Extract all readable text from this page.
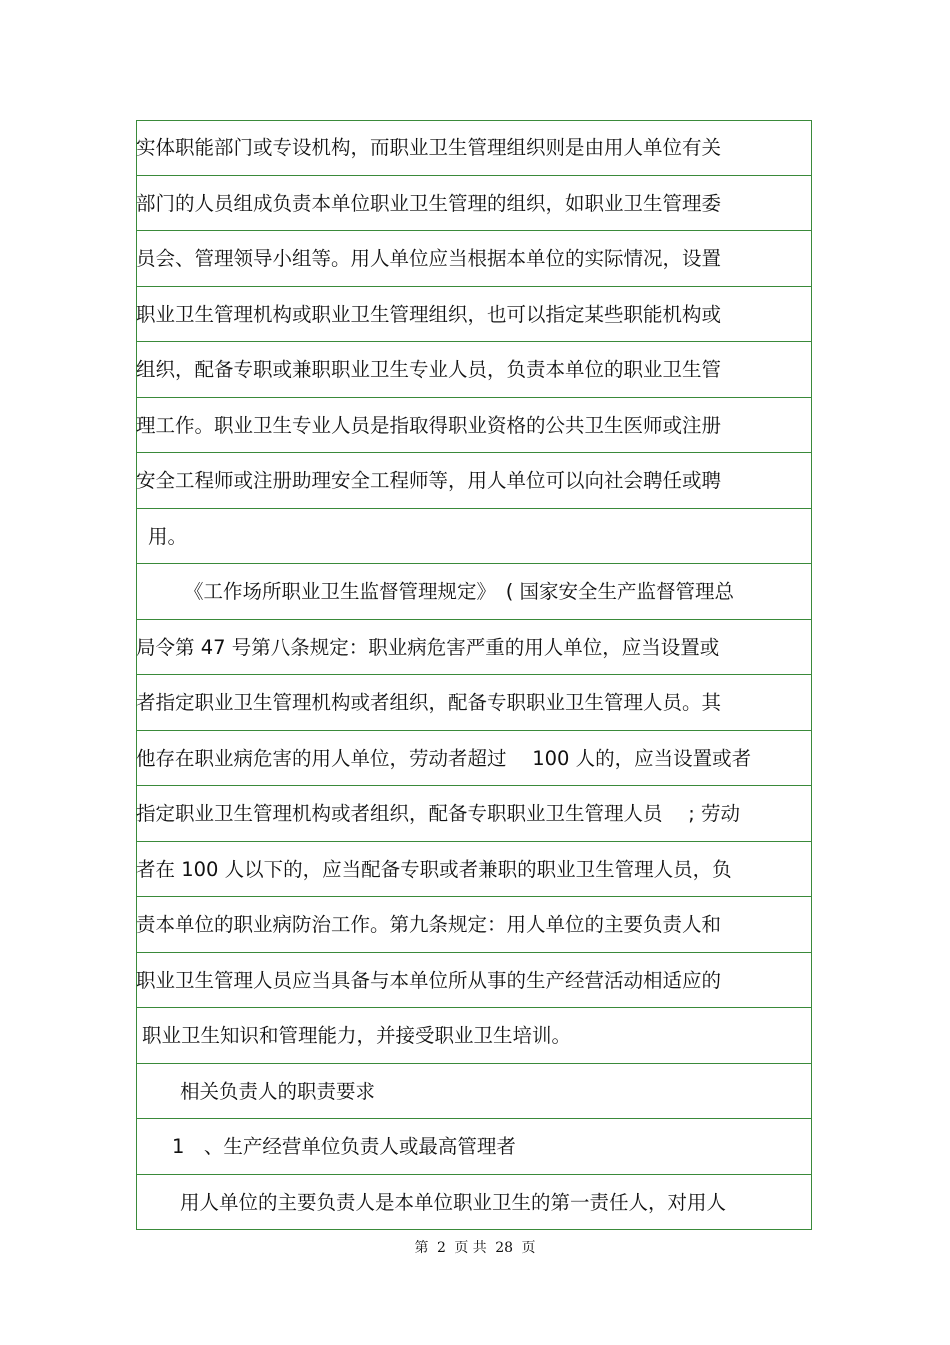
实体职能部门或专设机构，而职业卫生管理组织则是由用人单位有关
部门的人员组成负责本单位职业卫生管理的组织，如职业卫生管理委
员会、管理领导小组等。用人单位应当根据本单位的实际情况，设置
职业卫生管理机构或职业卫生管理组织，也可以指定某些职能机构或
组织，配备专职或兼职职业卫生专业人员，负责本单位的职业卫生管
理工作。职业卫生专业人员是指取得职业资格的公共卫生医师或注册
安全工程师或注册助理安全工程师等，用人单位可以向社会聘任或聘
用。
《工作场所职业卫生监督管理规定》　( 国家安全生产监督管理总
局令第 47 号第八条规定：职业病危害严重的用人单位，应当设置或
者指定职业卫生管理机构或者组织，配备专职职业卫生管理人员。其
他存在职业病危害的用人单位，劳动者超过　 100 人的，应当设置或者
指定职业卫生管理机构或者组织，配备专职职业卫生管理人员　 ; 劳动
者在 100 人以下的，应当配备专职或者兼职的职业卫生管理人员，负
责本单位的职业病防治工作。第九条规定：用人单位的主要负责人和
职业卫生管理人员应当具备与本单位所从事的生产经营活动相适应的
职业卫生知识和管理能力，并接受职业卫生培训。
相关负责人的职责要求
1　、生产经营单位负责人或最高管理者
用人单位的主要负责人是本单位职业卫生的第一责任人，对用人
第 2 页 共 28 页
